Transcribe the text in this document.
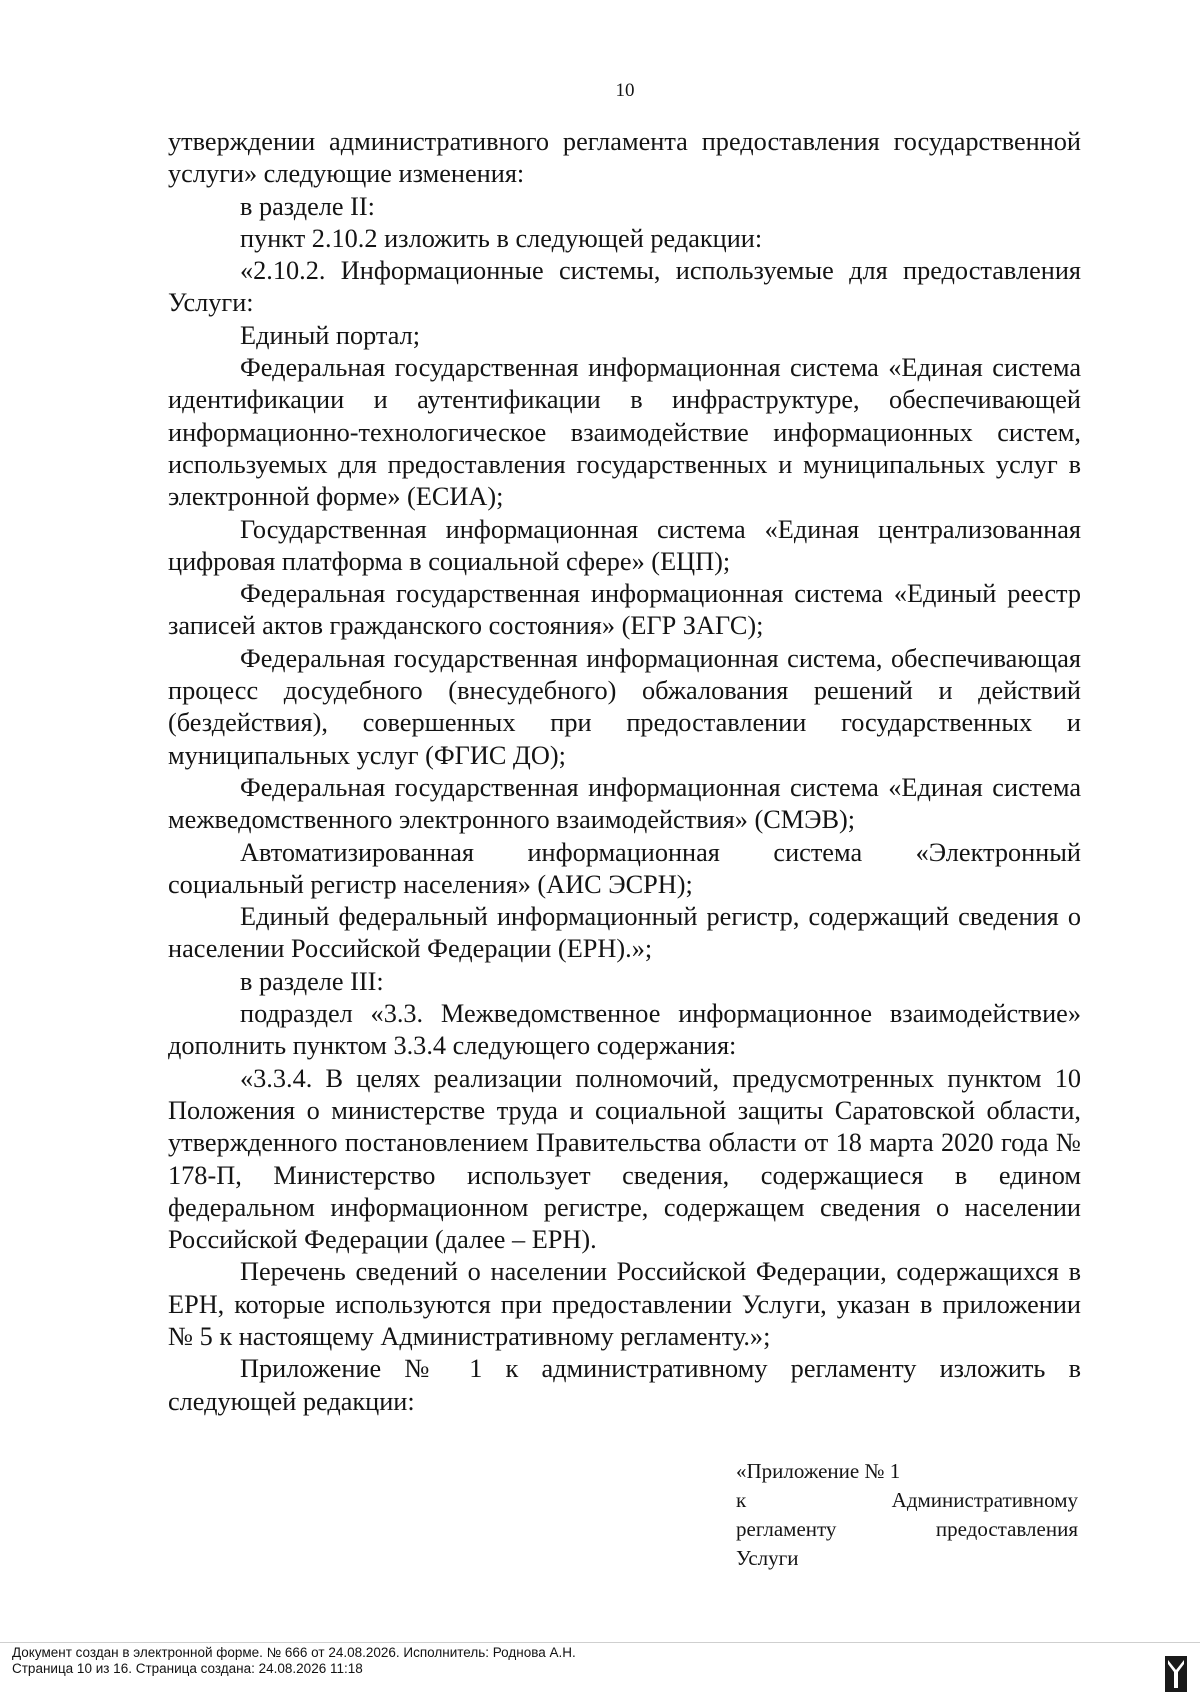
10

утверждении административного регламента предоставления государственной услуги» следующие изменения:

в разделе II:

пункт 2.10.2 изложить в следующей редакции:

«2.10.2. Информационные системы, используемые для предоставления Услуги:

Единый портал;

Федеральная государственная информационная система «Единая система идентификации и аутентификации в инфраструктуре, обеспечивающей информационно-технологическое взаимодействие информационных систем, используемых для предоставления государственных и муниципальных услуг в электронной форме» (ЕСИА);

Государственная информационная система «Единая централизованная цифровая платформа в социальной сфере» (ЕЦП);

Федеральная государственная информационная система «Единый реестр записей актов гражданского состояния» (ЕГР ЗАГС);

Федеральная государственная информационная система, обеспечивающая процесс досудебного (внесудебного) обжалования решений и действий (бездействия), совершенных при предоставлении государственных и муниципальных услуг (ФГИС ДО);

Федеральная государственная информационная система «Единая система межведомственного электронного взаимодействия» (СМЭВ);

Автоматизированная информационная система «Электронный социальный регистр населения» (АИС ЭСРН);

Единый федеральный информационный регистр, содержащий сведения о населении Российской Федерации (ЕРН).»;

в разделе III:

подраздел «3.3. Межведомственное информационное взаимодействие» дополнить пунктом 3.3.4 следующего содержания:

«3.3.4. В целях реализации полномочий, предусмотренных пунктом 10 Положения о министерстве труда и социальной защиты Саратовской области, утвержденного постановлением Правительства области от 18 марта 2020 года № 178-П, Министерство использует сведения, содержащиеся в едином федеральном информационном регистре, содержащем сведения о населении Российской Федерации (далее – ЕРН).

Перечень сведений о населении Российской Федерации, содержащихся в ЕРН, которые используются при предоставлении Услуги, указан в приложении № 5 к настоящему Административному регламенту.»;

Приложение № 1 к административному регламенту изложить в следующей редакции:

«Приложение № 1

к Административному

регламенту предоставления

Услуги

Документ создан в электронной форме. № 666 от 24.08.2026. Исполнитель: Роднова А.Н.
Страница 10 из 16. Страница создана: 24.08.2026 11:18
